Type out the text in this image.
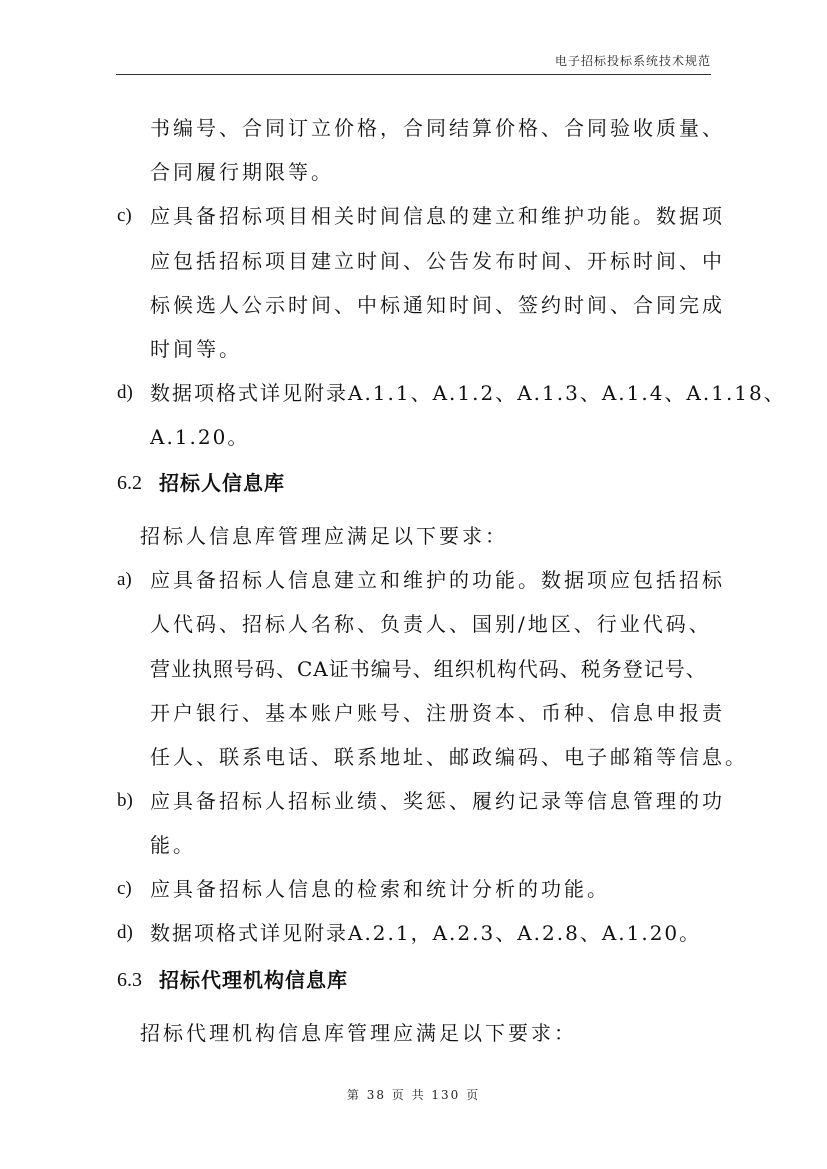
电子招标投标系统技术规范
书编号、合同订立价格，合同结算价格、合同验收质量、
合同履行期限等。
c) 应具备招标项目相关时间信息的建立和维护功能。数据项
应包括招标项目建立时间、公告发布时间、开标时间、中
标候选人公示时间、中标通知时间、签约时间、合同完成
时间等。
d) 数据项格式详见附录A.1.1、A.1.2、A.1.3、A.1.4、A.1.18、
A.1.20。
6.2 招标人信息库
招标人信息库管理应满足以下要求：
a) 应具备招标人信息建立和维护的功能。数据项应包括招标
人代码、招标人名称、负责人、国别/地区、行业代码、
营业执照号码、CA证书编号、组织机构代码、税务登记号、
开户银行、基本账户账号、注册资本、币种、信息申报责
任人、联系电话、联系地址、邮政编码、电子邮箱等信息。
b) 应具备招标人招标业绩、奖惩、履约记录等信息管理的功
能。
c) 应具备招标人信息的检索和统计分析的功能。
d) 数据项格式详见附录A.2.1，A.2.3、A.2.8、A.1.20。
6.3 招标代理机构信息库
招标代理机构信息库管理应满足以下要求：
第 38 页 共 130 页
